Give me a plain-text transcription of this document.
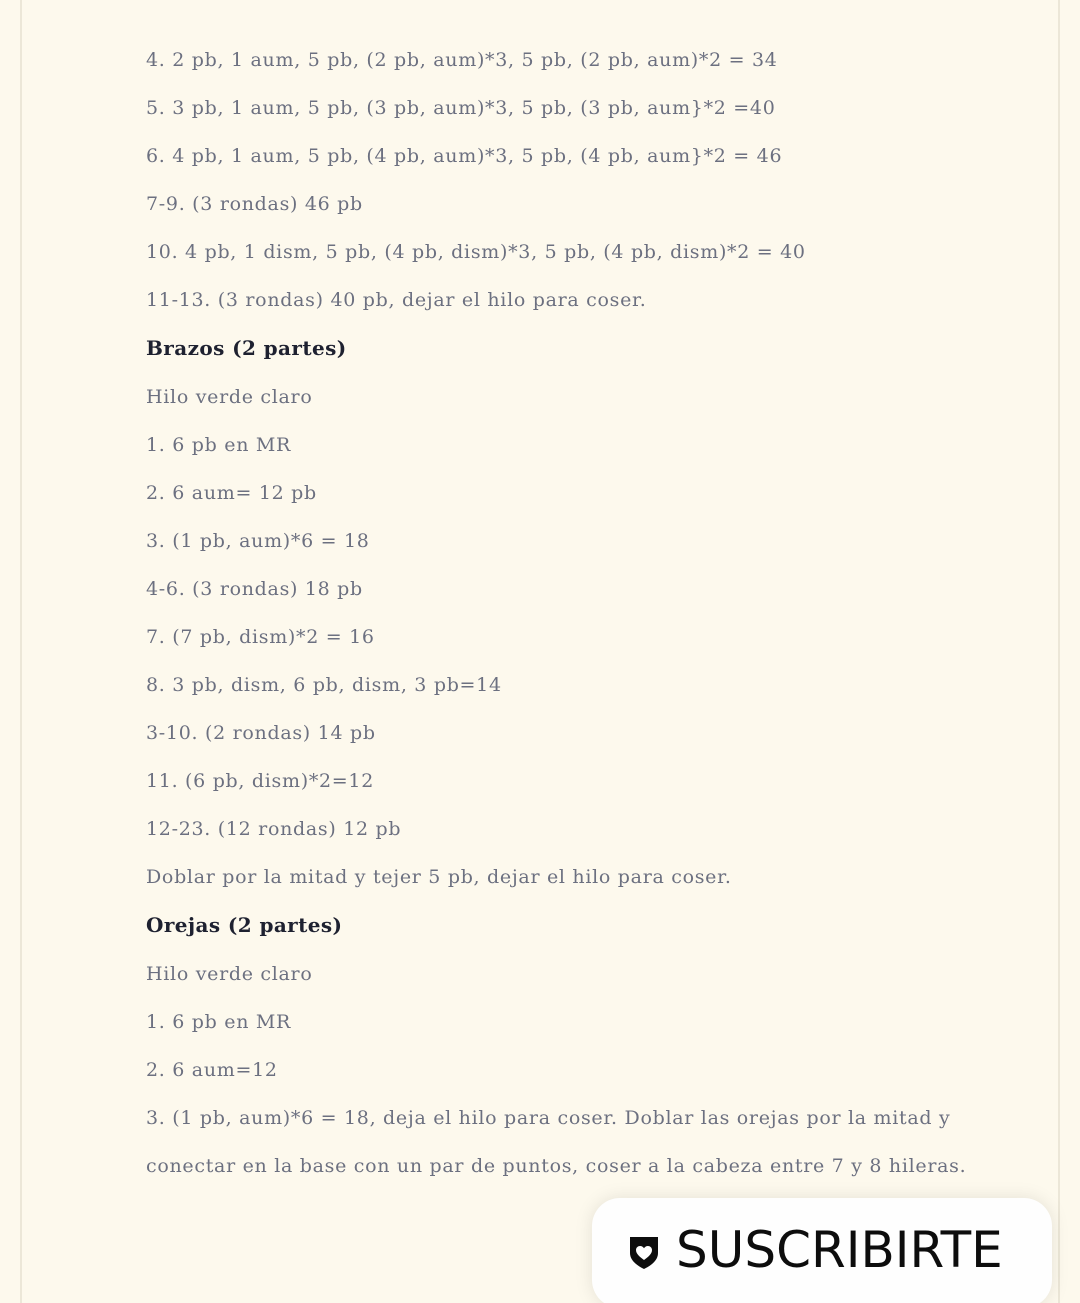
4. 2 pb, 1 aum, 5 pb, (2 pb, aum)*3, 5 pb, (2 pb, aum)*2 = 34

5. 3 pb, 1 aum, 5 pb, (3 pb, aum)*3, 5 pb, (3 pb, aum}*2 =40

6. 4 pb, 1 aum, 5 pb, (4 pb, aum)*3, 5 pb, (4 pb, aum}*2 = 46

7-9. (3 rondas) 46 pb

10. 4 pb, 1 dism, 5 pb, (4 pb, dism)*3, 5 pb, (4 pb, dism)*2 = 40

11-13. (3 rondas) 40 pb, dejar el hilo para coser.

Brazos (2 partes)

Hilo verde claro

1. 6 pb en MR

2. 6 aum= 12 pb

3. (1 pb, aum)*6 = 18

4-6. (3 rondas) 18 pb

7. (7 pb, dism)*2 = 16

8. 3 pb, dism, 6 pb, dism, 3 pb=14

3-10. (2 rondas) 14 pb

11. (6 pb, dism)*2=12

12-23. (12 rondas) 12 pb

Doblar por la mitad y tejer 5 pb, dejar el hilo para coser.

Orejas (2 partes)

Hilo verde claro

1. 6 pb en MR

2. 6 aum=12

3. (1 pb, aum)*6 = 18, deja el hilo para coser. Doblar las orejas por la mitad y

conectar en la base con un par de puntos, coser a la cabeza entre 7 y 8 hileras.

SUSCRIBIRTE
